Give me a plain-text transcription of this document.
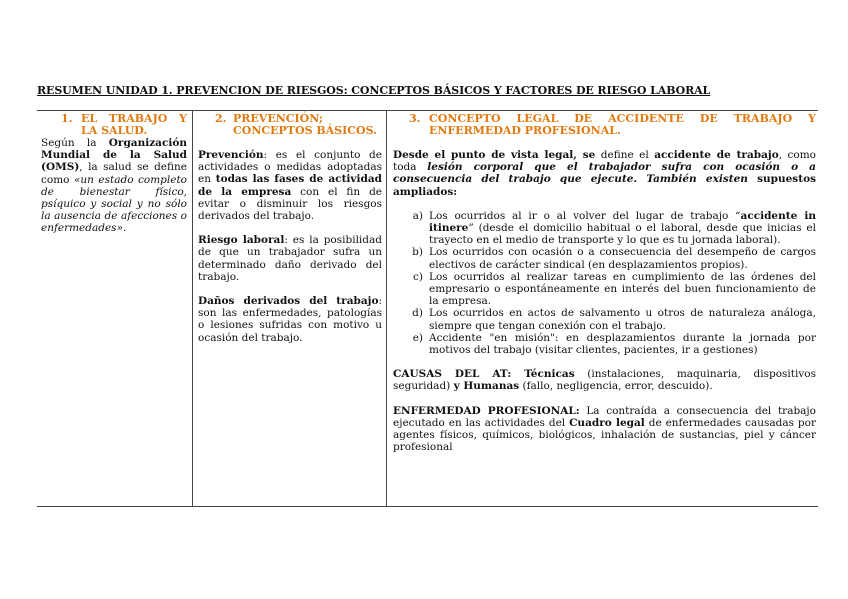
RESUMEN UNIDAD 1. PREVENCION DE RIESGOS: CONCEPTOS BÁSICOS Y FACTORES DE RIESGO LABORAL
1. EL TRABAJO Y LA SALUD.

Según la Organización Mundial de la Salud (OMS), la salud se define como «un estado completo de bienestar físico, psíquico y social y no sólo la ausencia de afecciones o enfermedades».

2. PREVENCIÓN; CONCEPTOS BÁSICOS.

Prevención: es el conjunto de actividades o medidas adoptadas en todas las fases de actividad de la empresa con el fin de evitar o disminuir los riesgos derivados del trabajo.

Riesgo laboral: es la posibilidad de que un trabajador sufra un determinado daño derivado del trabajo.

Daños derivados del trabajo: son las enfermedades, patologías o lesiones sufridas con motivo u ocasión del trabajo.

3. CONCEPTO LEGAL DE ACCIDENTE DE TRABAJO Y ENFERMEDAD PROFESIONAL.

Desde el punto de vista legal, se define el accidente de trabajo, como toda lesión corporal que el trabajador sufra con ocasión o a consecuencia del trabajo que ejecute. También existen supuestos ampliados:

a) Los ocurridos al ir o al volver del lugar de trabajo “accidente in itinere” (desde el domicilio habitual o el laboral, desde que inicias el trayecto en el medio de transporte y lo que es tu jornada laboral).
b) Los ocurridos con ocasión o a consecuencia del desempeño de cargos electivos de carácter sindical (en desplazamientos propios).
c) Los ocurridos al realizar tareas en cumplimiento de las órdenes del empresario o espontáneamente en interés del buen funcionamiento de la empresa.
d) Los ocurridos en actos de salvamento u otros de naturaleza análoga, siempre que tengan conexión con el trabajo.
e) Accidente "en misión": en desplazamientos durante la jornada por motivos del trabajo (visitar clientes, pacientes, ir a gestiones)

CAUSAS DEL AT: Técnicas (instalaciones, maquinaria, dispositivos seguridad) y Humanas (fallo, negligencia, error, descuido).

ENFERMEDAD PROFESIONAL: La contraída a consecuencia del trabajo ejecutado en las actividades del Cuadro legal de enfermedades causadas por agentes físicos, químicos, biológicos, inhalación de sustancias, piel y cáncer profesional
